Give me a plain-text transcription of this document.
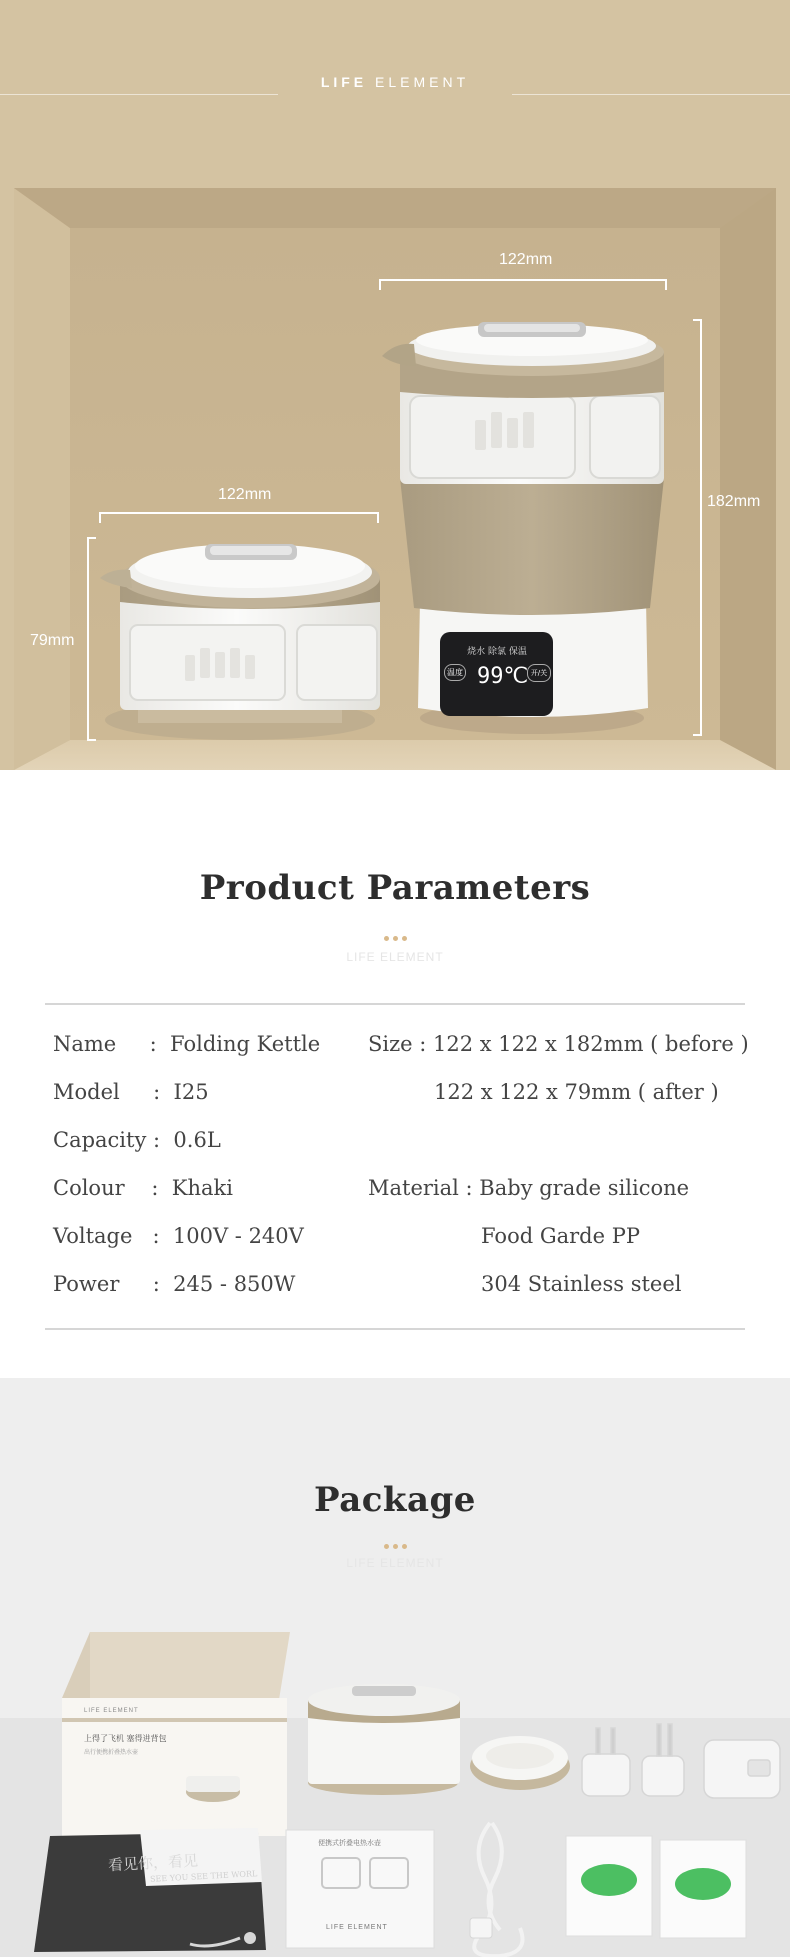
LIFE ELEMENT
烧水 除氯 保温
99℃
温度	开/关
122mm
122mm	182mm
79mm
Product Parameters
LIFE ELEMENT
Name     :  Folding Kettle Size : 122 x 122 x 182mm ( before )
Model     :  I25	122 x 122 x 79mm ( after )
Capacity :  0.6L
Colour    :  Khaki	Material : Baby grade silicone
Voltage   :  100V - 240V	Food Garde PP
Power     :  245 - 850W	304 Stainless steel
Package
LIFE ELEMENT
LIFE ELEMENT
上得了飞机 塞得进背包
出行便携折叠热水壶
看见你，看见
SEE YOU SEE THE WORL
便携式折叠电热水壶
LIFE ELEMENT
